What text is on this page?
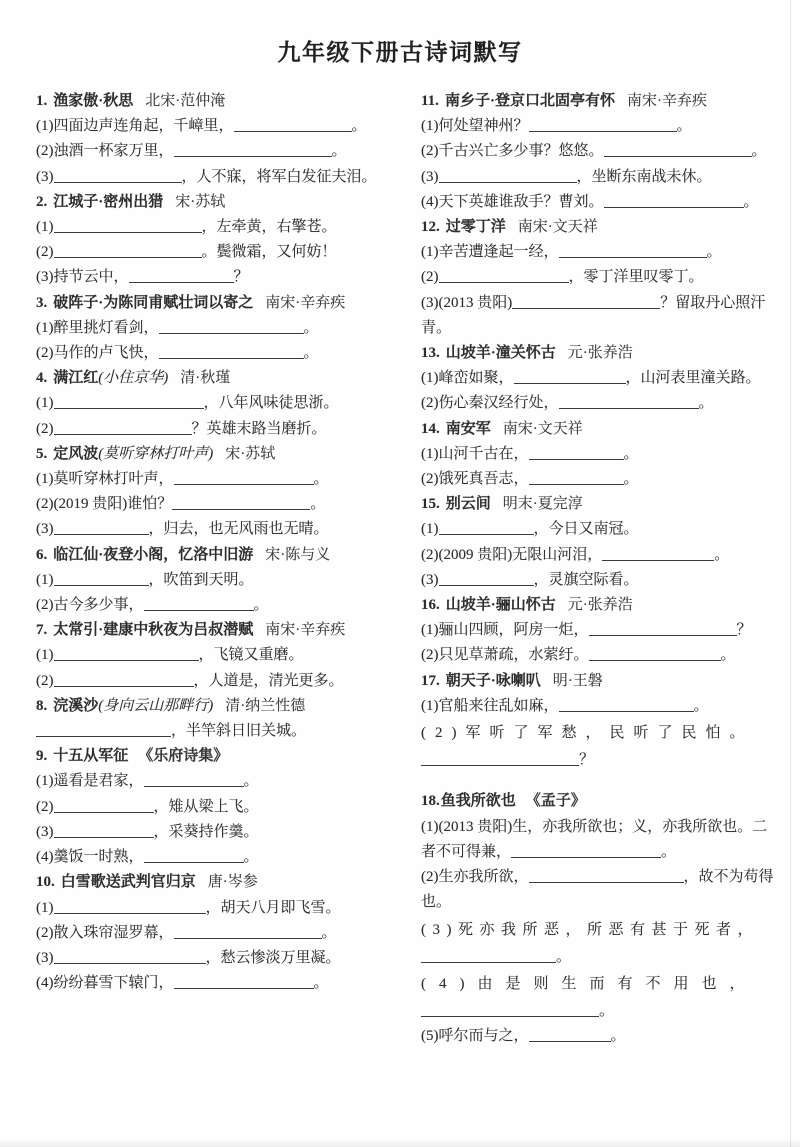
九年级下册古诗词默写
1. 渔家傲·秋思 北宋·范仲淹
(1)四面边声连角起，千嶂里，	。
(2)浊酒一杯家万里，	。
(3)	，人不寐，将军白发征夫泪。
2. 江城子·密州出猎 宋·苏轼
(1)	，左牵黄，右擎苍。
(2)	。鬓微霜，又何妨！
(3)持节云中，	？
3. 破阵子·为陈同甫赋壮词以寄之 南宋·辛弃疾
(1)醉里挑灯看剑，	。
(2)马作的卢飞快，	。
4. 满江红(小住京华) 清·秋瑾
(1)	，八年风味徒思浙。
(2)	？英雄末路当磨折。
5. 定风波(莫听穿林打叶声) 宋·苏轼
(1)莫听穿林打叶声，	。
(2)(2019 贵阳)谁怕？	。
(3)	，归去，也无风雨也无晴。
6. 临江仙·夜登小阁，忆洛中旧游 宋·陈与义
(1)	，吹笛到天明。
(2)古今多少事，	。
7. 太常引·建康中秋夜为吕叔潜赋 南宋·辛弃疾
(1)	，飞镜又重磨。
(2)	，人道是，清光更多。
8. 浣溪沙(身向云山那畔行) 清·纳兰性德
，半竿斜日旧关城。
9. 十五从军征 《乐府诗集》
(1)遥看是君家，	。
(2)	，雉从梁上飞。
(3)	，采葵持作羹。
(4)羹饭一时熟，	。
10. 白雪歌送武判官归京 唐·岑参
(1)	，胡天八月即飞雪。
(2)散入珠帘湿罗幕，	。
(3)	，愁云惨淡万里凝。
(4)纷纷暮雪下辕门，	。
11. 南乡子·登京口北固亭有怀 南宋·辛弃疾
(1)何处望神州？	。
(2)千古兴亡多少事？悠悠。	。
(3)	，坐断东南战未休。
(4)天下英雄谁敌手？曹刘。	。
12. 过零丁洋 南宋·文天祥
(1)辛苦遭逢起一经，	。
(2)	，零丁洋里叹零丁。
(3)(2013 贵阳)	？留取丹心照汗青。
13. 山坡羊·潼关怀古 元·张养浩
(1)峰峦如聚，	，山河表里潼关路。
(2)伤心秦汉经行处，	。
14. 南安军 南宋·文天祥
(1)山河千古在，	。
(2)饿死真吾志，	。
15. 别云间 明末·夏完淳
(1)	，今日又南冠。
(2)(2009 贵阳)无限山河泪，	。
(3)	，灵旗空际看。
16. 山坡羊·骊山怀古 元·张养浩
(1)骊山四顾，阿房一炬，	？
(2)只见草萧疏，水萦纡。	。
17. 朝天子·咏喇叭 明·王磐
(1)官船来往乱如麻，	。
(2)军听了军愁，民听了民怕。
？
18.鱼我所欲也 《孟子》
(1)(2013 贵阳)生，亦我所欲也；义，亦我所欲也。二者不可得兼，	。
(2)生亦我所欲，	，故不为苟得也。
(3)死亦我所恶，所恶有甚于死者，
。
(4)由是则生而有不用也，
。
(5)呼尔而与之，	。
